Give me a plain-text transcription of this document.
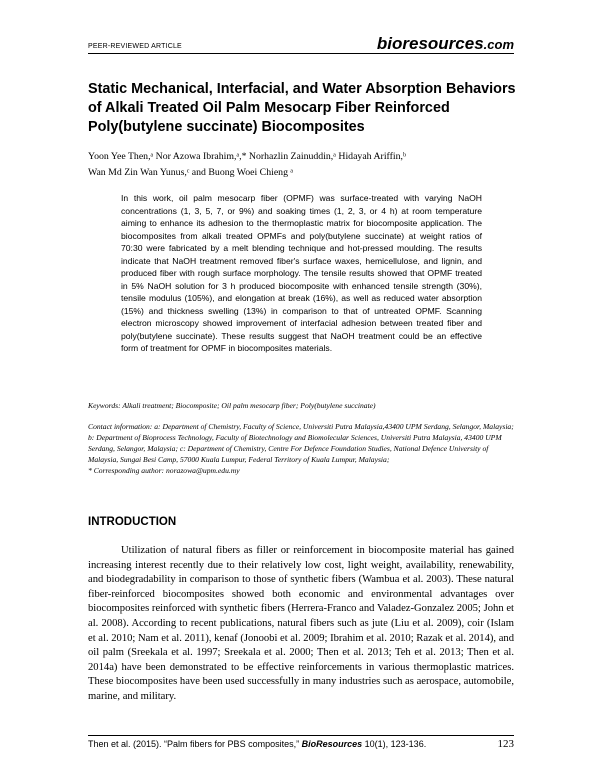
PEER-REVIEWED ARTICLE	bioresources.com
Static Mechanical, Interfacial, and Water Absorption Behaviors of Alkali Treated Oil Palm Mesocarp Fiber Reinforced Poly(butylene succinate) Biocomposites
Yoon Yee Then,ᵃ Nor Azowa Ibrahim,ᵃ,* Norhazlin Zainuddin,ᵃ Hidayah Ariffin,ᵇ
Wan Md Zin Wan Yunus,ᶜ and Buong Woei Chieng ᵃ
In this work, oil palm mesocarp fiber (OPMF) was surface-treated with varying NaOH concentrations (1, 3, 5, 7, or 9%) and soaking times (1, 2, 3, or 4 h) at room temperature aiming to enhance its adhesion to the thermoplastic matrix for biocomposite application. The biocomposites from alkali treated OPMFs and poly(butylene succinate) at weight ratios of 70:30 were fabricated by a melt blending technique and hot-pressed moulding. The results indicate that NaOH treatment removed fiber's surface waxes, hemicellulose, and lignin, and produced fiber with rough surface morphology. The tensile results showed that OPMF treated in 5% NaOH solution for 3 h produced biocomposite with enhanced tensile strength (30%), tensile modulus (105%), and elongation at break (16%), as well as reduced water absorption (15%) and thickness swelling (13%) in comparison to that of untreated OPMF. Scanning electron microscopy showed improvement of interfacial adhesion between treated fiber and poly(butylene succinate). These results suggest that NaOH treatment could be an effective form of treatment for OPMF in biocomposites materials.
Keywords: Alkali treatment; Biocomposite; Oil palm mesocarp fiber; Poly(butylene succinate)
Contact information: a: Department of Chemistry, Faculty of Science, Universiti Putra Malaysia,43400 UPM Serdang, Selangor, Malaysia; b: Department of Bioprocess Technology, Faculty of Biotechnology and Biomolecular Sciences, Universiti Putra Malaysia, 43400 UPM Serdang, Selangor, Malaysia; c: Department of Chemistry, Centre For Defence Foundation Studies, National Defence University of Malaysia, Sungai Besi Camp, 57000 Kuala Lumpur, Federal Territory of Kuala Lumpur, Malaysia;
* Corresponding author: norazowa@upm.edu.my
INTRODUCTION
Utilization of natural fibers as filler or reinforcement in biocomposite material has gained increasing interest recently due to their relatively low cost, light weight, availability, renewability, and biodegradability in comparison to those of synthetic fibers (Wambua et al. 2003). These natural fiber-reinforced biocomposites showed both economic and environmental advantages over biocomposites reinforced with synthetic fibers (Herrera-Franco and Valadez-Gonzalez 2005; John et al. 2008). According to recent publications, natural fibers such as jute (Liu et al. 2009), coir (Islam et al. 2010; Nam et al. 2011), kenaf (Jonoobi et al. 2009; Ibrahim et al. 2010; Razak et al. 2014), and oil palm (Sreekala et al. 1997; Sreekala et al. 2000; Then et al. 2013; Teh et al. 2013; Then et al. 2014a) have been demonstrated to be effective reinforcements in various thermoplastic matrices. These biocomposites have been used successfully in many industries such as aerospace, automobile, marine, and military.
Then et al. (2015). “Palm fibers for PBS composites,” BioResources 10(1), 123-136.	123
